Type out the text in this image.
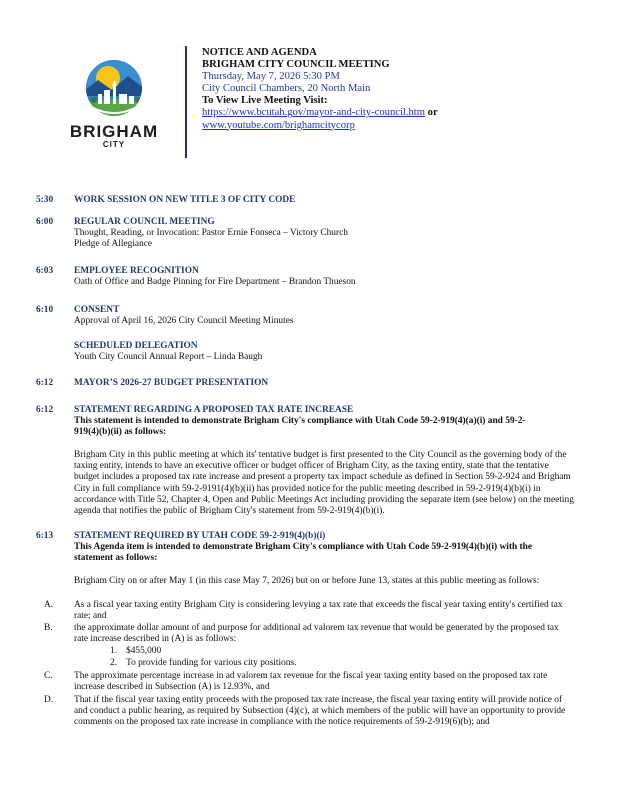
BRIGHAM
CITY
NOTICE AND AGENDA
BRIGHAM CITY COUNCIL MEETING
Thursday, May 7, 2026 5:30 PM
City Council Chambers, 20 North Main
To View Live Meeting Visit:
https://www.bcutah.gov/mayor-and-city-council.htm or
www.youtube.com/brighamcitycorp
5:30	WORK SESSION ON NEW TITLE 3 OF CITY CODE
6:00	REGULAR COUNCIL MEETING
Thought, Reading, or Invocation: Pastor Ernie Fonseca – Victory Church
Pledge of Allegiance
6:03	EMPLOYEE RECOGNITION
Oath of Office and Badge Pinning for Fire Department – Brandon Thueson
6:10	CONSENT
Approval of April 16, 2026 City Council Meeting Minutes
SCHEDULED DELEGATION
Youth City Council Annual Report – Linda Baugh
6:12	MAYOR’S 2026-27 BUDGET PRESENTATION
6:12	STATEMENT REGARDING A PROPOSED TAX RATE INCREASE
This statement is intended to demonstrate Brigham City's compliance with Utah Code 59-2-919(4)(a)(i) and 59-2-
919(4)(b)(ii) as follows:
Brigham City in this public meeting at which its' tentative budget is first presented to the City Council as the governing body of the taxing entity, intends to have an executive officer or budget officer of Brigham City, as the taxing entity, state that the tentative budget includes a proposed tax rate increase and present a property tax impact schedule as defined in Section 59-2-924 and Brigham City in full compliance with 59-2-9191(4)(b)(ii) has provided notice for the public meeting described in 59-2-919(4)(b)(i) in accordance with Title 52, Chapter 4, Open and Public Meetings Act including providing the separate item (see below) on the meeting agenda that notifies the public of Brigham City's statement from 59-2-919(4)(b)(i).
6:13	STATEMENT REQUIRED BY UTAH CODE 59-2-919(4)(b)(i)
This Agenda item is intended to demonstrate Brigham City's compliance with Utah Code 59-2-919(4)(b)(i) with the
statement as follows:
Brigham City on or after May 1 (in this case May 7, 2026) but on or before June 13, states at this public meeting as follows:
A. As a fiscal year taxing entity Brigham City is considering levying a tax rate that exceeds the fiscal year taxing entity's certified tax rate; and
B. the approximate dollar amount of and purpose for additional ad valorem tax revenue that would be generated by the proposed tax rate increase described in (A) is as follows:
1. $455,000
2. To provide funding for various city positions.
C. The approximate percentage increase in ad valorem tax revenue for the fiscal year taxing entity based on the proposed tax rate increase described in Subsection (A) is 12.93%, and
D. That if the fiscal year taxing entity proceeds with the proposed tax rate increase, the fiscal year taxing entity will provide notice of and conduct a public hearing, as required by Subsection (4)(c), at which members of the public will have an opportunity to provide comments on the proposed tax rate increase in compliance with the notice requirements of 59-2-919(6)(b); and
